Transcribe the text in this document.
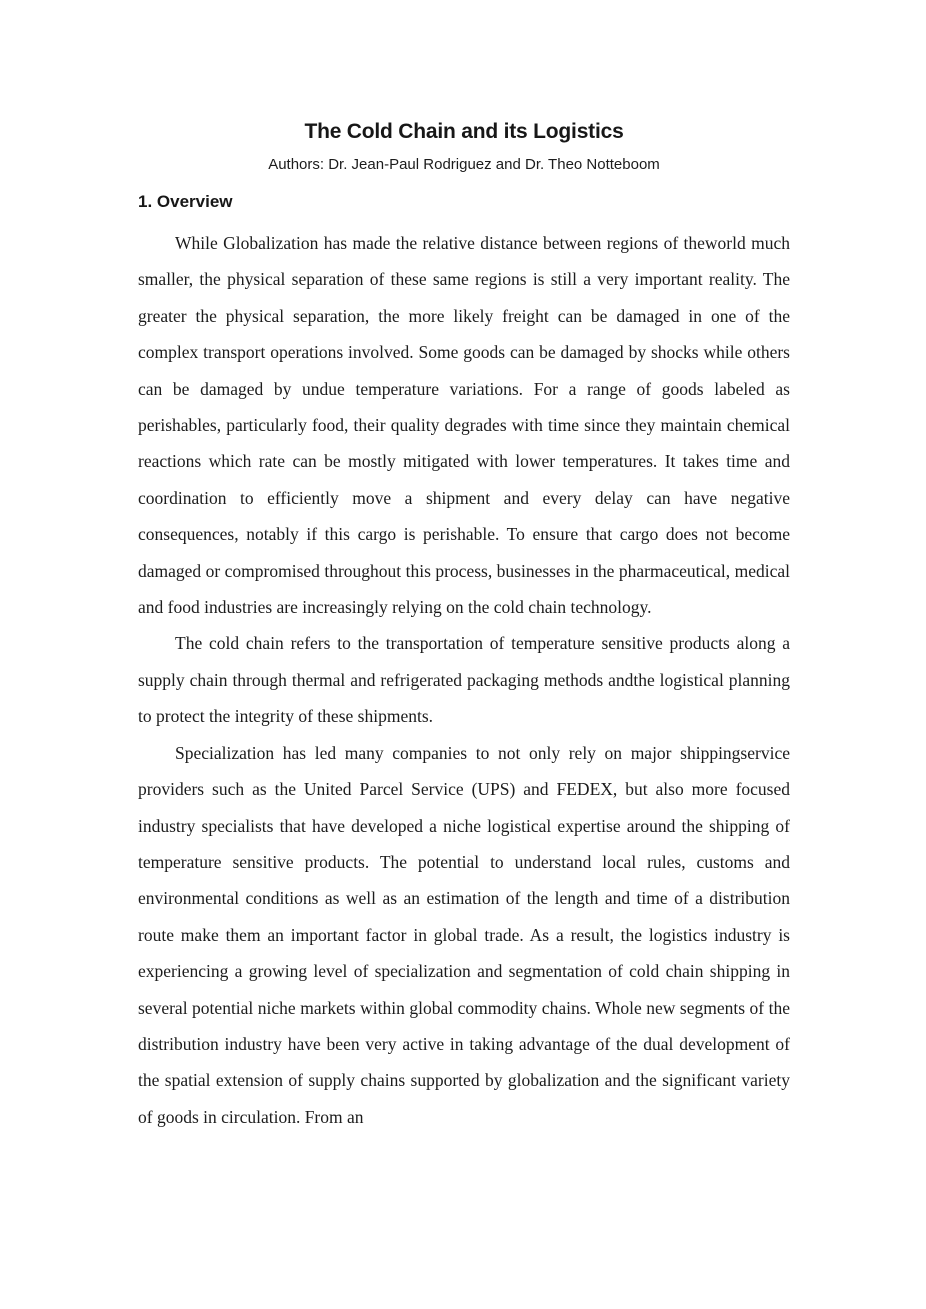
The Cold Chain and its Logistics
Authors: Dr. Jean-Paul Rodriguez and Dr. Theo Notteboom
1. Overview

While Globalization has made the relative distance between regions of theworld much smaller, the physical separation of these same regions is still a very important reality. The greater the physical separation, the more likely freight can be damaged in one of the complex transport operations involved. Some goods can be damaged by shocks while others can be damaged by undue temperature variations. For a range of goods labeled as perishables, particularly food, their quality degrades with time since they maintain chemical reactions which rate can be mostly mitigated with lower temperatures. It takes time and coordination to efficiently move a shipment and every delay can have negative consequences, notably if this cargo is perishable. To ensure that cargo does not become damaged or compromised throughout this process, businesses in the pharmaceutical, medical and food industries are increasingly relying on the cold chain technology.

The cold chain refers to the transportation of temperature sensitive products along a supply chain through thermal and refrigerated packaging methods andthe logistical planning to protect the integrity of these shipments.

Specialization has led many companies to not only rely on major shippingservice providers such as the United Parcel Service (UPS) and FEDEX, but also more focused industry specialists that have developed a niche logistical expertise around the shipping of temperature sensitive products. The potential to understand local rules, customs and environmental conditions as well as an estimation of the length and time of a distribution route make them an important factor in global trade. As a result, the logistics industry is experiencing a growing level of specialization and segmentation of cold chain shipping in several potential niche markets within global commodity chains. Whole new segments of the distribution industry have been very active in taking advantage of the dual development of the spatial extension of supply chains supported by globalization and the significant variety of goods in circulation. From an
